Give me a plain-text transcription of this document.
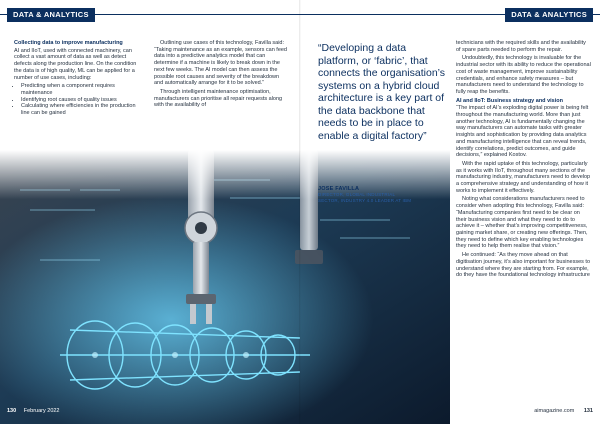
DATA & ANALYTICS	DATA & ANALYTICS

Collecting data to improve manufacturing

AI and IIoT, used with connected machinery, can collect a vast amount of data as well as detect defects along the production line. On the condition the data is of high quality, ML can be applied for a number of use cases, including:

• Predicting when a component requires maintenance
• Identifying root causes of quality issues
• Calculating where efficiencies in the production line can be gained

Outlining use cases of this technology, Favilla said: “Taking maintenance as an example, sensors can feed data into a predictive analytics model that can determine if a machine is likely to break down in the next few weeks. The AI model can then assess the possible root causes and severity of the breakdown and automatically arrange for it to be solved.”

Through intelligent maintenance optimisation, manufacturers can prioritise all repair requests along with the availability of

“Developing a data platform, or ‘fabric’, that connects the organisation’s systems on a hybrid cloud architecture is a key part of the data backbone that needs to be in place to enable a digital factory”
JOSE FAVILLA
DIRECTOR, GLOBAL INDUSTRIAL
SECTOR, INDUSTRY 4.0 LEADER AT IBM

technicians with the required skills and the availability of spare parts needed to perform the repair.

Undoubtedly, this technology is invaluable for the industrial sector with its ability to reduce the operational cost of waste management, improve sustainability credentials, and enhance safety measures – but manufacturers need to understand the technology to fully reap the benefits.

AI and IIoT: Business strategy and vision

“The impact of AI’s exploding digital power is being felt throughout the manufacturing world. More than just another technology, AI is fundamentally changing the way manufacturers can automate tasks with greater insights and sophistication by providing data analytics and manufacturing intelligence that can reveal trends, identify correlations, predict outcomes, and guide decisions,” explained Kostov.

With the rapid uptake of this technology, particularly as it works with IIoT, throughout many sections of the manufacturing industry, manufacturers need to develop a comprehensive strategy and understanding of how it works to implement it effectively.

Noting what considerations manufacturers need to consider when adopting this technology, Favilla said: “Manufacturing companies first need to be clear on their business vision and what they need to do to achieve it – whether that’s improving competitiveness, gaining market share, or creating new offerings. Then, they need to define which key enabling technologies they need to help them realise that vision.”

He continued: “As they move ahead on that digitisation journey, it’s also important for businesses to understand where they are starting from. For example, do they have the foundational technology infrastructure

130 February 2022	aimagazine.com 131
